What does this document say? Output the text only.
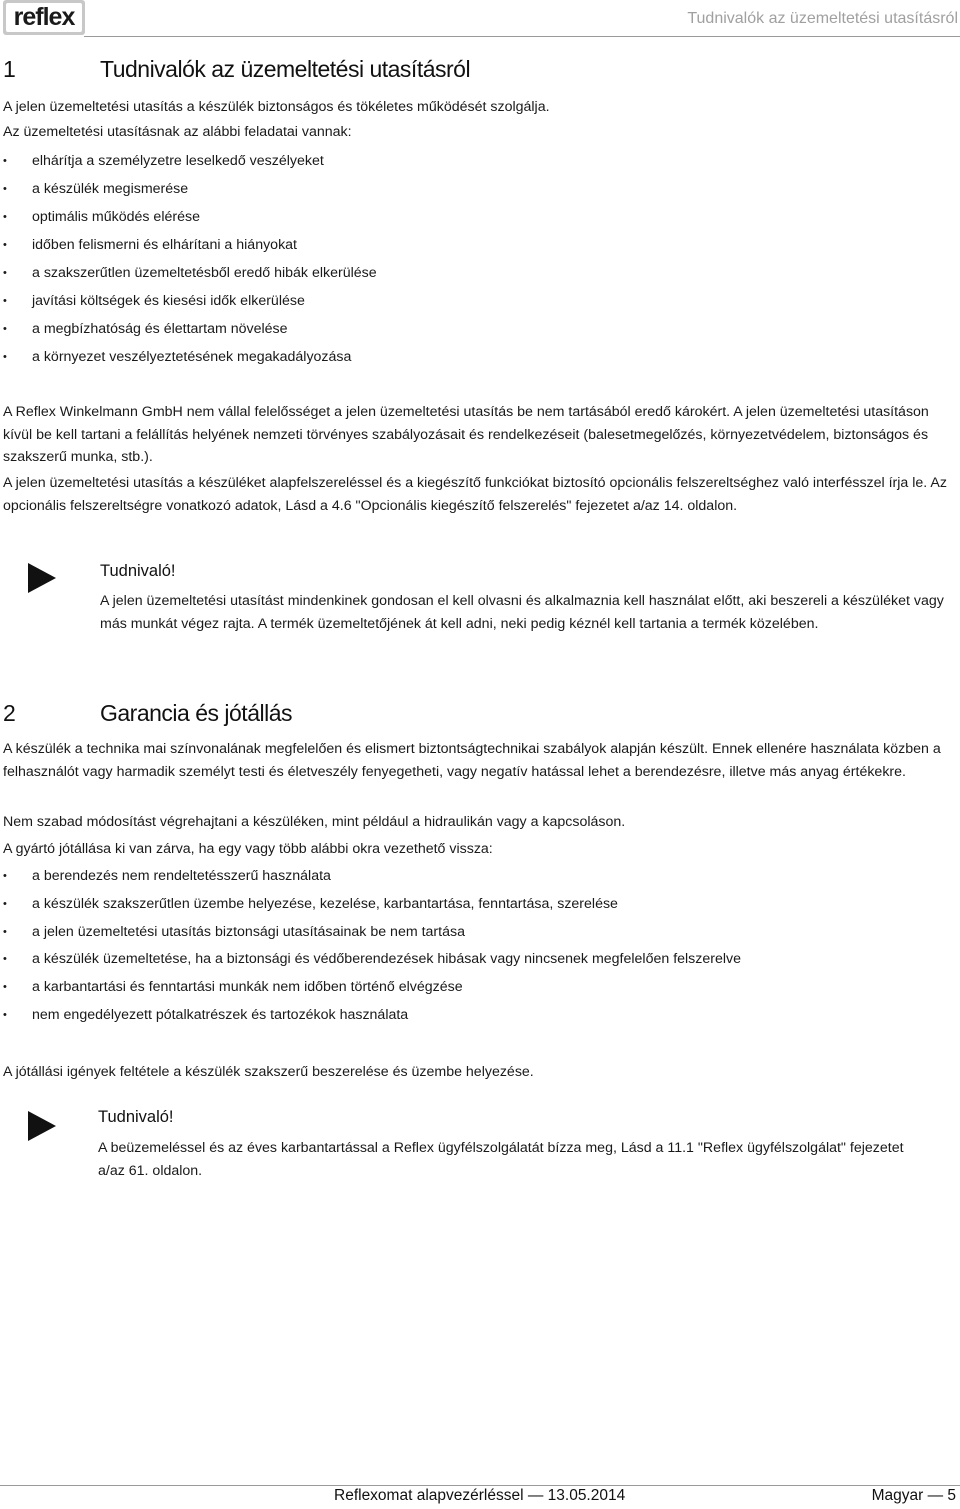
reflex	Tudnivalók az üzemeltetési utasításról
1	Tudnivalók az üzemeltetési utasításról
A jelen üzemeltetési utasítás a készülék biztonságos és tökéletes működését szolgálja.
Az üzemeltetési utasításnak az alábbi feladatai vannak:
• elhárítja a személyzetre leselkedő veszélyeket
• a készülék megismerése
• optimális működés elérése
• időben felismerni és elhárítani a hiányokat
• a szakszerűtlen üzemeltetésből eredő hibák elkerülése
• javítási költségek és kiesési idők elkerülése
• a megbízhatóság és élettartam növelése
• a környezet veszélyeztetésének megakadályozása
A Reflex Winkelmann GmbH nem vállal felelősséget a jelen üzemeltetési utasítás be nem tartásából eredő károkért. A jelen üzemeltetési utasításon kívül be kell tartani a felállítás helyének nemzeti törvényes szabályozásait és rendelkezéseit (balesetmegelőzés, környezetvédelem, biztonságos és szakszerű munka, stb.).
A jelen üzemeltetési utasítás a készüléket alapfelszereléssel és a kiegészítő funkciókat biztosító opcionális felszereltséghez való interfésszel írja le. Az opcionális felszereltségre vonatkozó adatok, Lásd a 4.6 "Opcionális kiegészítő felszerelés" fejezetet a/az 14. oldalon.
Tudnivaló!
A jelen üzemeltetési utasítást mindenkinek gondosan el kell olvasni és alkalmaznia kell használat előtt, aki beszereli a készüléket vagy más munkát végez rajta. A termék üzemeltetőjének át kell adni, neki pedig kéznél kell tartania a termék közelében.
2	Garancia és jótállás
A készülék a technika mai színvonalának megfelelően és elismert biztontságtechnikai szabályok alapján készült. Ennek ellenére használata közben a felhasználót vagy harmadik személyt testi és életveszély fenyegetheti, vagy negatív hatással lehet a berendezésre, illetve más anyag értékekre.
Nem szabad módosítást végrehajtani a készüléken, mint például a hidraulikán vagy a kapcsoláson.
A gyártó jótállása ki van zárva, ha egy vagy több alábbi okra vezethető vissza:
• a berendezés nem rendeltetésszerű használata
• a készülék szakszerűtlen üzembe helyezése, kezelése, karbantartása, fenntartása, szerelése
• a jelen üzemeltetési utasítás biztonsági utasításainak be nem tartása
• a készülék üzemeltetése, ha a biztonsági és védőberendezések hibásak vagy nincsenek megfelelően felszerelve
• a karbantartási és fenntartási munkák nem időben történő elvégzése
• nem engedélyezett pótalkatrészek és tartozékok használata
A jótállási igények feltétele a készülék szakszerű beszerelése és üzembe helyezése.
Tudnivaló!
A beüzemeléssel és az éves karbantartással a Reflex ügyfélszolgálatát bízza meg, Lásd a 11.1 "Reflex ügyfélszolgálat" fejezetet a/az 61. oldalon.
Reflexomat alapvezérléssel — 13.05.2014	Magyar — 5
